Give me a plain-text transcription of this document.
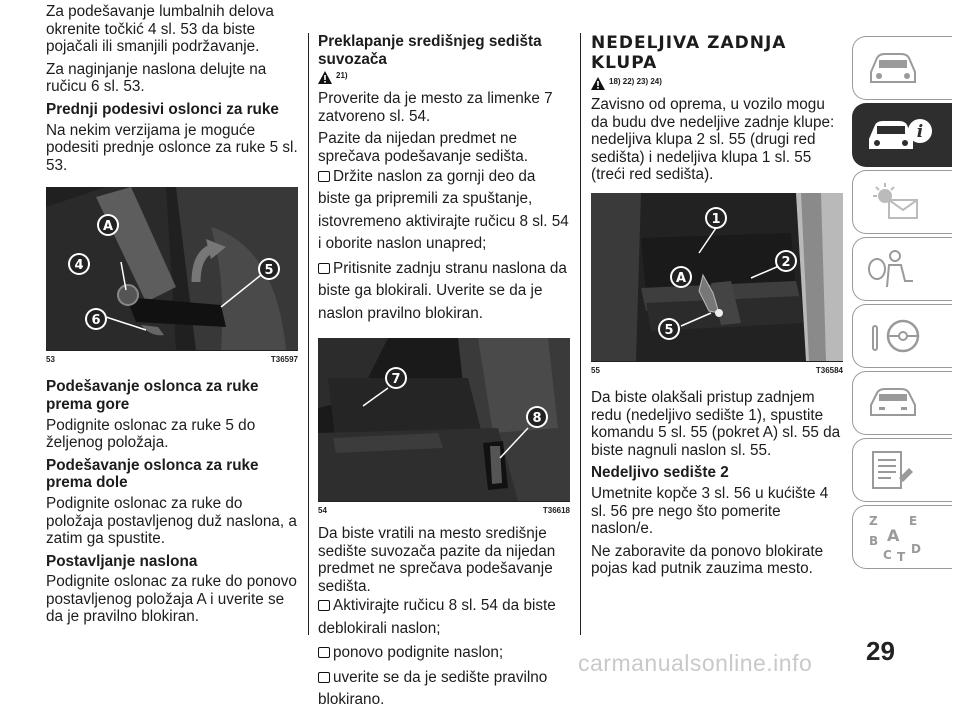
Za podešavanje lumbalnih delova okrenite točkić 4 sl. 53 da biste pojačali ili smanjili podržavanje.

Za naginjanje naslona delujte na ručicu 6 sl. 53.

Prednji podesivi oslonci za ruke

Na nekim verzijama je moguće podesiti prednje oslonce za ruke 5 sl. 53.

A
4	5
6
53	T36597
Podešavanje oslonca za ruke prema gore

Podignite oslonac za ruke 5 do željenog položaja.

Podešavanje oslonca za ruke prema dole

Podignite oslonac za ruke do položaja postavljenog duž naslona, a zatim ga spustite.

Postavljanje naslona

Podignite oslonac za ruke do ponovo postavljenog položaja A i uverite se da je pravilno blokiran.

Preklapanje središnjeg sedišta suvozača
21)

Proverite da je mesto za limenke 7 zatvoreno sl. 54.

Pazite da nijedan predmet ne sprečava podešavanje sedišta.

Držite naslon za gornji deo da biste ga pripremili za spuštanje, istovremeno aktivirajte ručicu 8 sl. 54 i oborite naslon unapred;
Pritisnite zadnju stranu naslona da biste ga blokirali. Uverite se da je naslon pravilno blokiran.
7
8
54	T36618

Da biste vratili na mesto središnje sedište suvozača pazite da nijedan predmet ne sprečava podešavanje sedišta.

Aktivirajte ručicu 8 sl. 54 da biste deblokirali naslon;
ponovo podignite naslon;
uverite se da je sedište pravilno blokirano.
NEDELJIVA ZADNJA KLUPA
18) 22) 23) 24)

Zavisno od oprema, u vozilo mogu da budu dve nedeljive zadnje klupe: nedeljiva klupa 2 sl. 55 (drugi red sedišta) i nedeljiva klupa 1 sl. 55 (treći red sedišta).

1
2
A
5
55	T36584

Da biste olakšali pristup zadnjem redu (nedeljivo sedište 1), spustite komandu 5 sl. 55 (pokret A) sl. 55 da biste nagnuli naslon sl. 55.

Nedeljivo sedište 2

Umetnite kopče 3 sl. 56 u kućište 4 sl. 56 pre nego što pomerite naslon/e.

Ne zaboravite da ponovo blokirate pojas kad putnik zauzima mesto.

i
Z	E
A
B
C D
T
29
carmanualsonline.info
